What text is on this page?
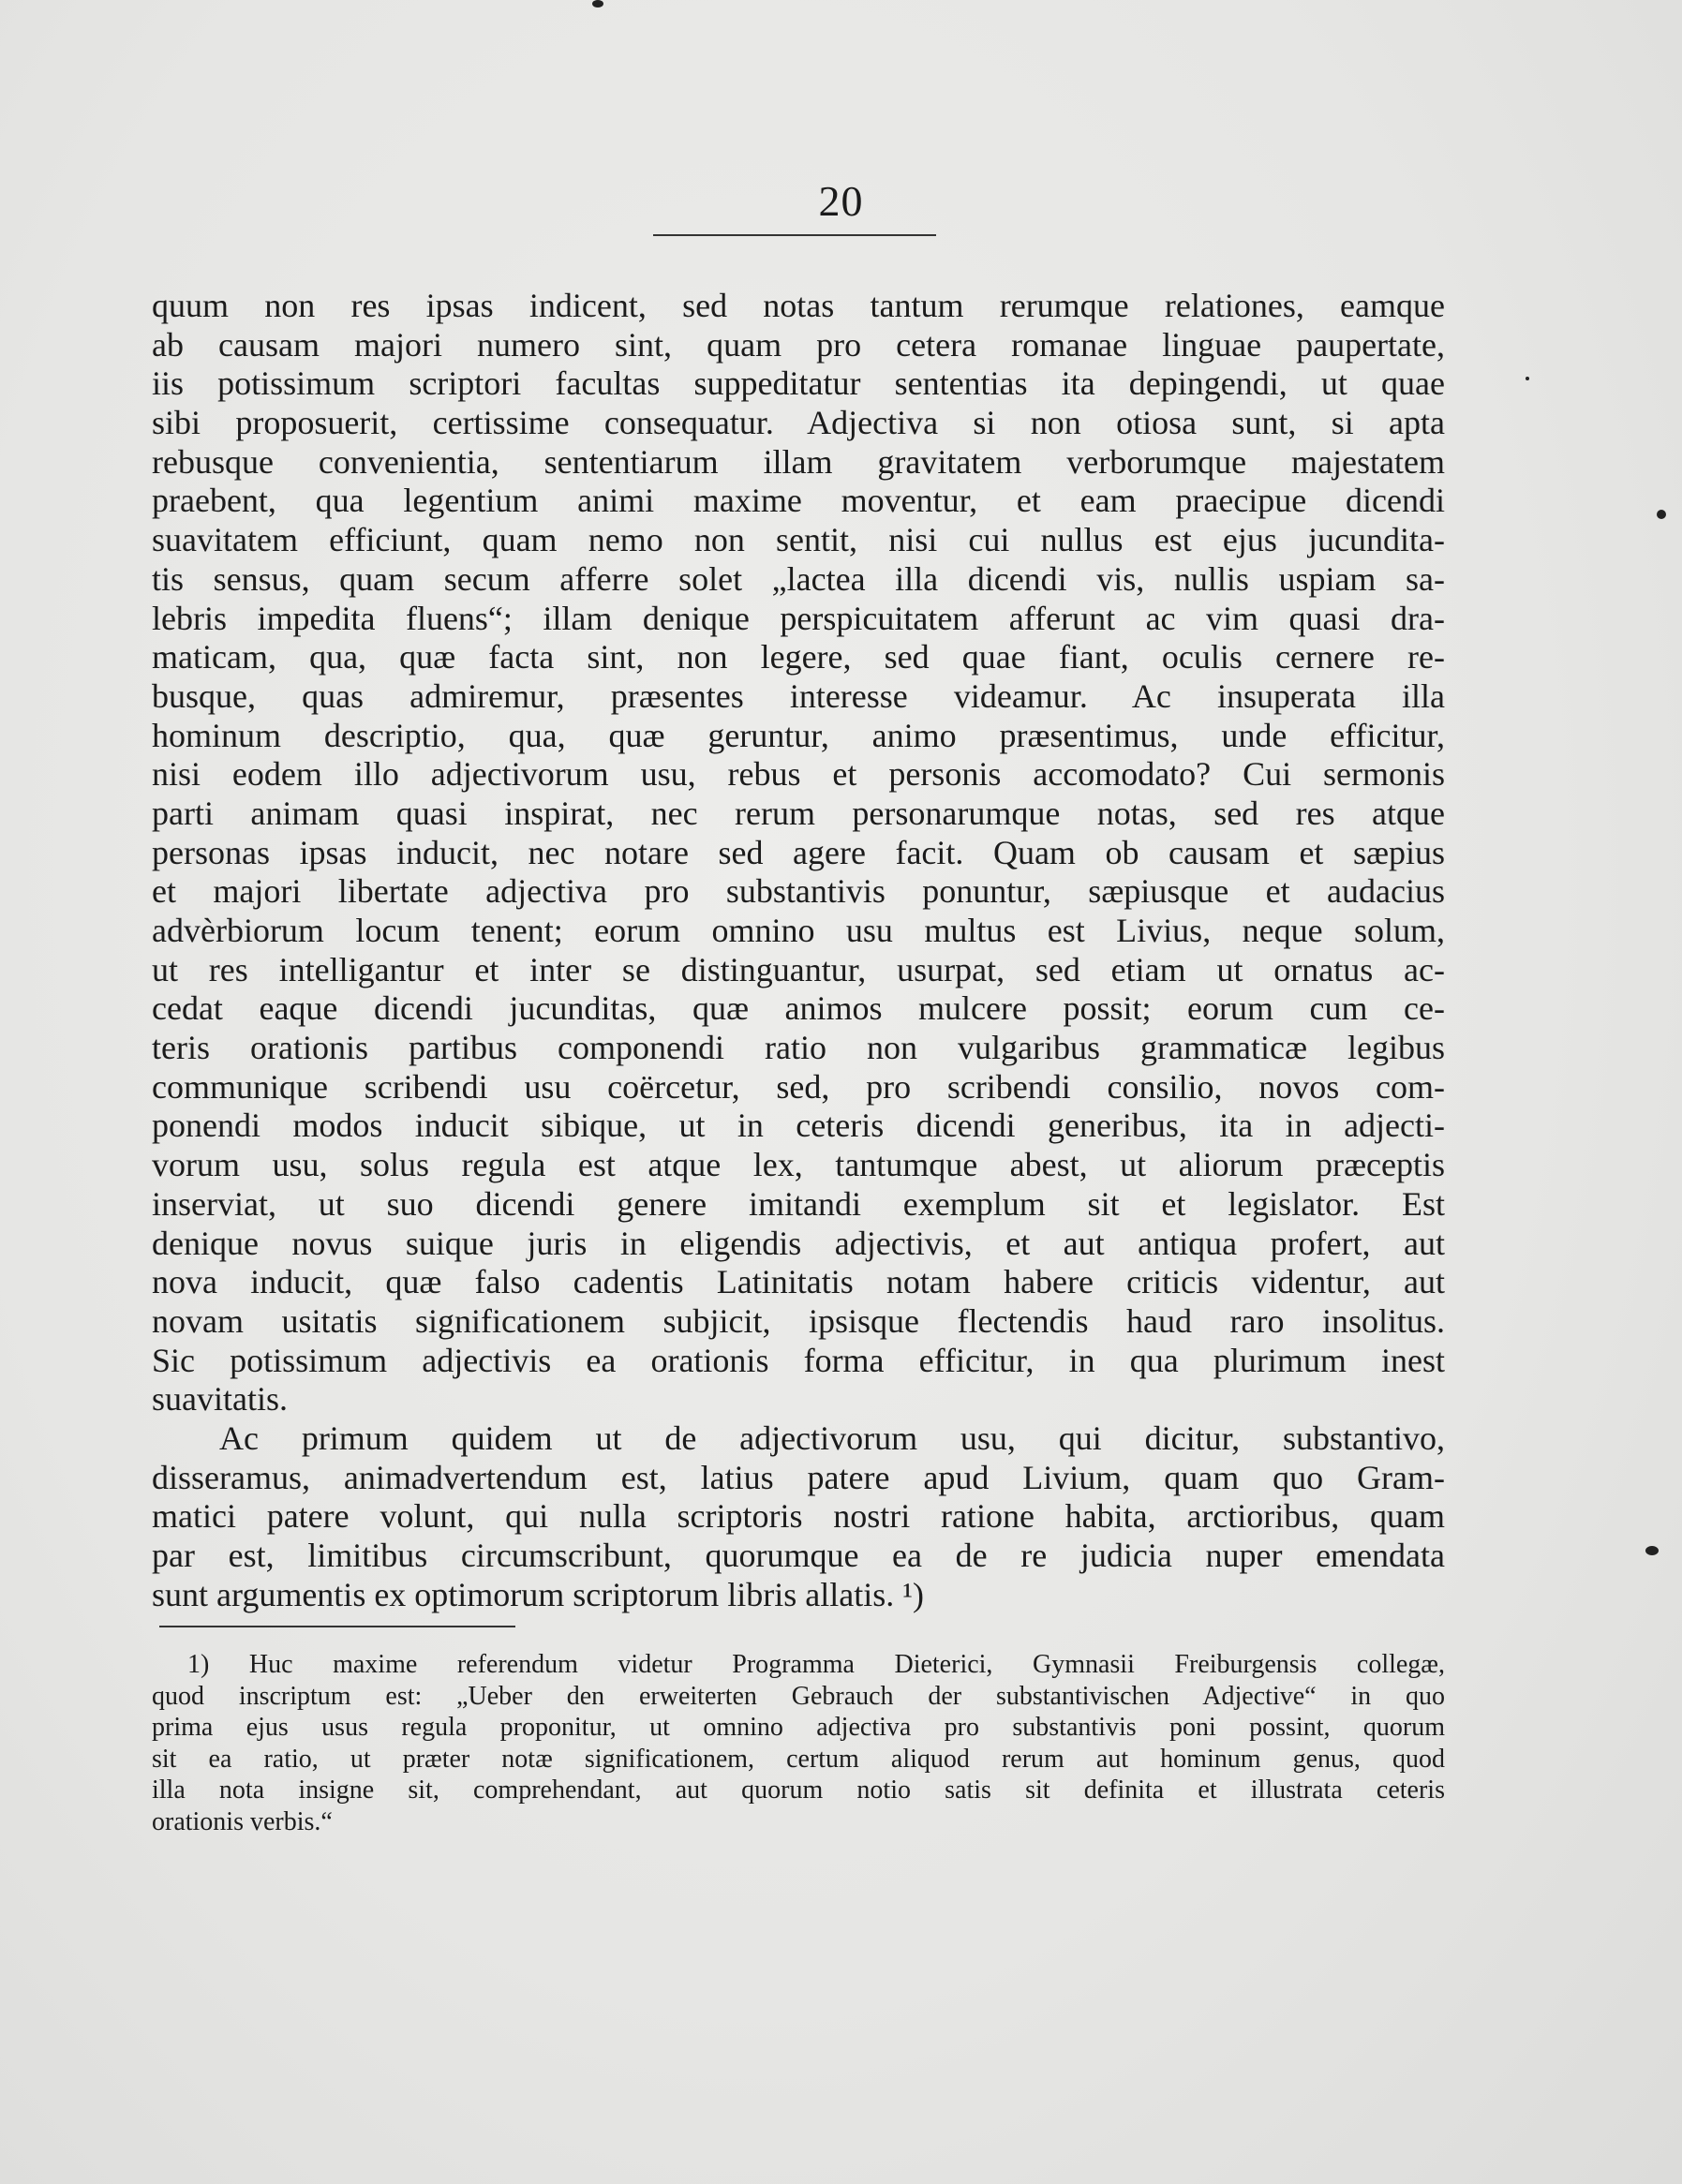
20
quum non res ipsas indicent, sed notas tantum rerumque relationes, eamque
ab causam majori numero sint, quam pro cetera romanae linguae paupertate,
iis potissimum scriptori facultas suppeditatur sententias ita depingendi, ut quae
sibi proposuerit, certissime consequatur. Adjectiva si non otiosa sunt, si apta
rebusque convenientia, sententiarum illam gravitatem verborumque majestatem
praebent, qua legentium animi maxime moventur, et eam praecipue dicendi
suavitatem efficiunt, quam nemo non sentit, nisi cui nullus est ejus jucundita-
tis sensus, quam secum afferre solet „lactea illa dicendi vis, nullis uspiam sa-
lebris impedita fluens“; illam denique perspicuitatem afferunt ac vim quasi dra-
maticam, qua, quæ facta sint, non legere, sed quae fiant, oculis cernere re-
busque, quas admiremur, præsentes interesse videamur. Ac insuperata illa
hominum descriptio, qua, quæ geruntur, animo præsentimus, unde efficitur,
nisi eodem illo adjectivorum usu, rebus et personis accomodato? Cui sermonis
parti animam quasi inspirat, nec rerum personarumque notas, sed res atque
personas ipsas inducit, nec notare sed agere facit. Quam ob causam et sæpius
et majori libertate adjectiva pro substantivis ponuntur, sæpiusque et audacius
advèrbiorum locum tenent; eorum omnino usu multus est Livius, neque solum,
ut res intelligantur et inter se distinguantur, usurpat, sed etiam ut ornatus ac-
cedat eaque dicendi jucunditas, quæ animos mulcere possit; eorum cum ce-
teris orationis partibus componendi ratio non vulgaribus grammaticæ legibus
communique scribendi usu coërcetur, sed, pro scribendi consilio, novos com-
ponendi modos inducit sibique, ut in ceteris dicendi generibus, ita in adjecti-
vorum usu, solus regula est atque lex, tantumque abest, ut aliorum præceptis
inserviat, ut suo dicendi genere imitandi exemplum sit et legislator. Est
denique novus suique juris in eligendis adjectivis, et aut antiqua profert, aut
nova inducit, quæ falso cadentis Latinitatis notam habere criticis videntur, aut
novam usitatis significationem subjicit, ipsisque flectendis haud raro insolitus.
Sic potissimum adjectivis ea orationis forma efficitur, in qua plurimum inest
suavitatis.
Ac primum quidem ut de adjectivorum usu, qui dicitur, substantivo,
disseramus, animadvertendum est, latius patere apud Livium, quam quo Gram-
matici patere volunt, qui nulla scriptoris nostri ratione habita, arctioribus, quam
par est, limitibus circumscribunt, quorumque ea de re judicia nuper emendata
sunt argumentis ex optimorum scriptorum libris allatis. ¹)
1) Huc maxime referendum videtur Programma Dieterici, Gymnasii Freiburgensis collegæ,
quod inscriptum est: „Ueber den erweiterten Gebrauch der substantivischen Adjective“ in quo
prima ejus usus regula proponitur, ut omnino adjectiva pro substantivis poni possint, quorum
sit ea ratio, ut præter notæ significationem, certum aliquod rerum aut hominum genus, quod
illa nota insigne sit, comprehendant, aut quorum notio satis sit definita et illustrata ceteris
orationis verbis.“
